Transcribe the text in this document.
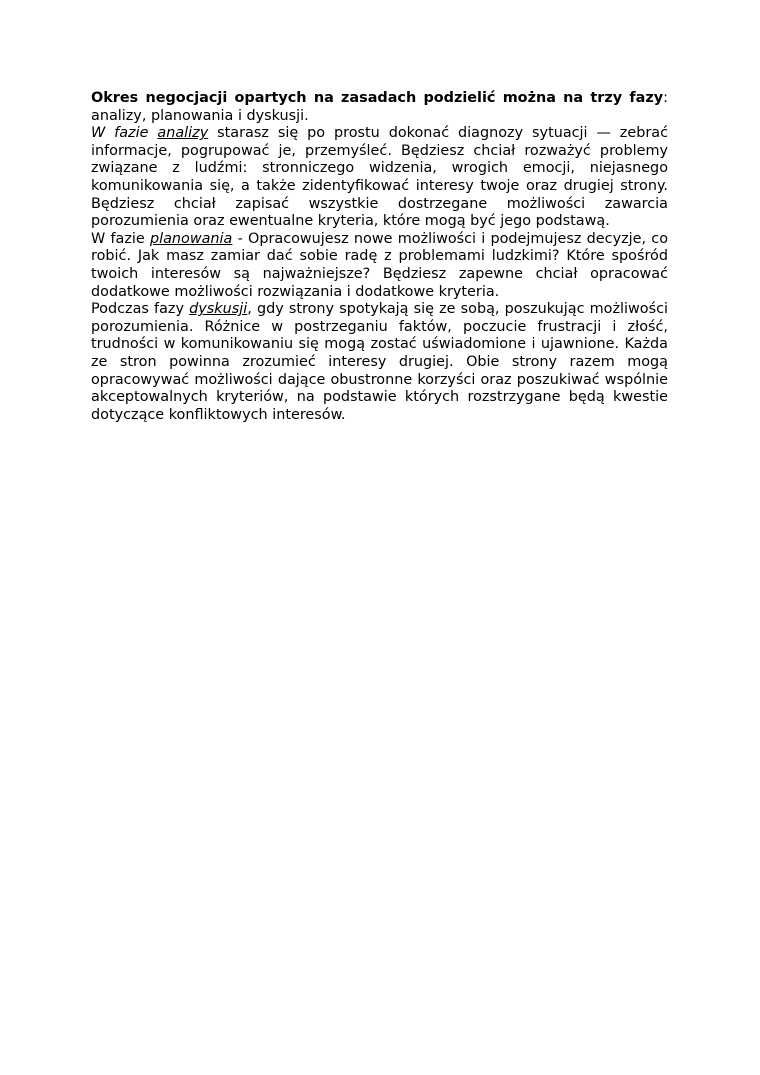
Okres negocjacji opartych na zasadach podzielić można na trzy fazy: analizy, planowania i dyskusji.

W fazie analizy starasz się po prostu dokonać diagnozy sytuacji — zebrać informacje, pogrupować je, przemyśleć. Będziesz chciał rozważyć problemy związane z ludźmi: stronniczego widzenia, wrogich emocji, niejasnego komunikowania się, a także zidentyfikować interesy twoje oraz drugiej strony. Będziesz chciał zapisać wszystkie dostrzegane możliwości zawarcia porozumienia oraz ewentualne kryteria, które mogą być jego podstawą.

W fazie planowania - Opracowujesz nowe możliwości i podejmujesz decyzje, co robić. Jak masz zamiar dać sobie radę z problemami ludzkimi? Które spośród twoich interesów są najważniejsze? Będziesz zapewne chciał opracować dodatkowe możliwości rozwiązania i dodatkowe kryteria.

Podczas fazy dyskusji, gdy strony spotykają się ze sobą, poszukując możliwości porozumienia. Różnice w postrzeganiu faktów, poczucie frustracji i złość, trudności w komunikowaniu się mogą zostać uświadomione i ujawnione. Każda ze stron powinna zrozumieć interesy drugiej. Obie strony razem mogą opracowywać możliwości dające obustronne korzyści oraz poszukiwać wspólnie akceptowalnych kryteriów, na podstawie których rozstrzygane będą kwestie dotyczące konfliktowych interesów.
